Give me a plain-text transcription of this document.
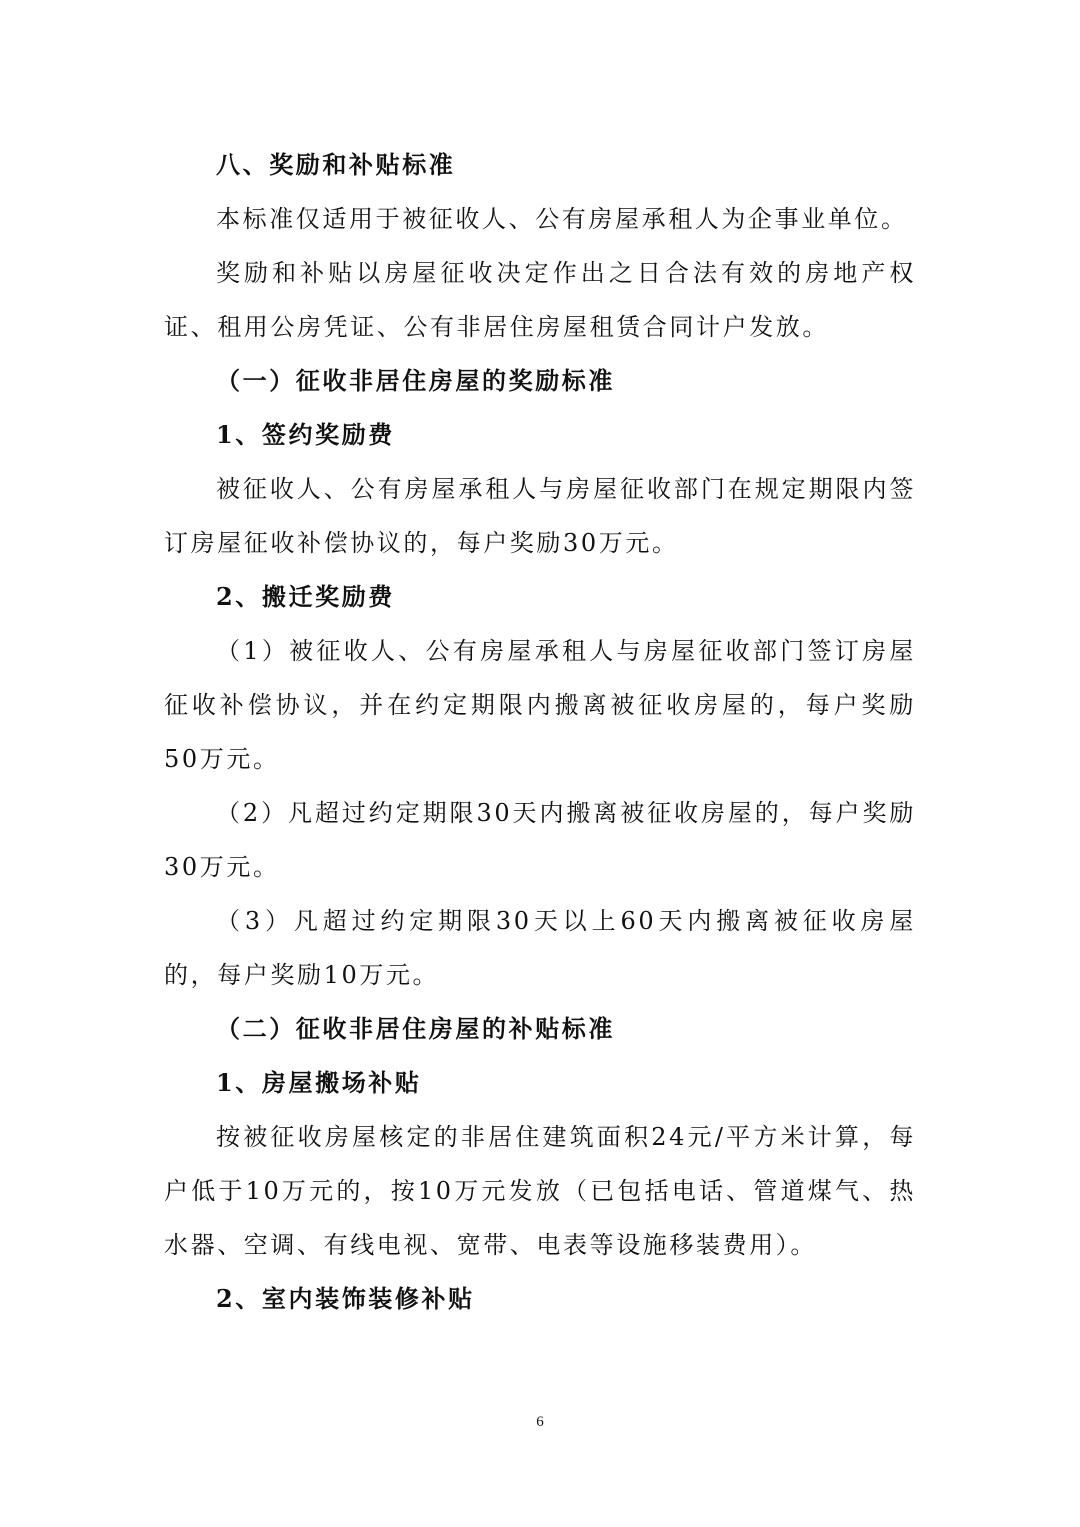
八、奖励和补贴标准

本标准仅适用于被征收人、公有房屋承租人为企事业单位。

奖励和补贴以房屋征收决定作出之日合法有效的房地产权证、租用公房凭证、公有非居住房屋租赁合同计户发放。

（一）征收非居住房屋的奖励标准

1、签约奖励费

被征收人、公有房屋承租人与房屋征收部门在规定期限内签订房屋征收补偿协议的，每户奖励30万元。

2、搬迁奖励费

（1）被征收人、公有房屋承租人与房屋征收部门签订房屋征收补偿协议，并在约定期限内搬离被征收房屋的，每户奖励50万元。

（2）凡超过约定期限30天内搬离被征收房屋的，每户奖励30万元。

（3）凡超过约定期限30天以上60天内搬离被征收房屋的，每户奖励10万元。

（二）征收非居住房屋的补贴标准

1、房屋搬场补贴

按被征收房屋核定的非居住建筑面积24元/平方米计算，每户低于10万元的，按10万元发放（已包括电话、管道煤气、热水器、空调、有线电视、宽带、电表等设施移装费用）。

2、室内装饰装修补贴

6
